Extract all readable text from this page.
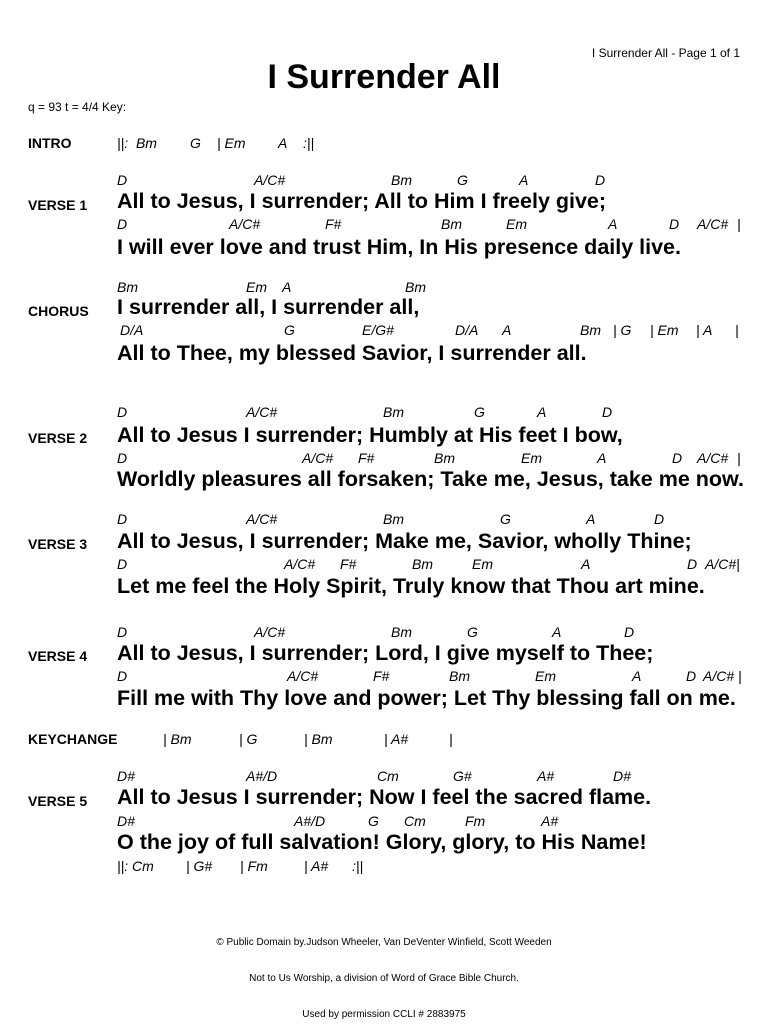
I Surrender All - Page 1 of 1
I Surrender All
q = 93 t = 4/4 Key:
INTRO	||:  Bm G | Em A :||
D	A/C#	Bm	G	A	D
VERSE 1 All to Jesus, I surrender; All to Him I freely give;
D	A/C#	F#	Bm	Em	A	D A/C# |
I will ever love and trust Him, In His presence daily live.
Bm	Em A	Bm
CHORUS I surrender all, I surrender all,
D/A	G	E/G#	D/A A	Bm | G | Em | A |
All to Thee, my blessed Savior, I surrender all.
D	A/C#	Bm	G	A	D
VERSE 2 All to Jesus I surrender; Humbly at His feet I bow,
D	A/C# F#	Bm	Em	A	D A/C# |
Worldly pleasures all forsaken; Take me, Jesus, take me now.
D	A/C#	Bm	G	A	D
VERSE 3 All to Jesus, I surrender; Make me, Savior, wholly Thine;
D	A/C# F#	Bm	Em	A	D A/C#|
Let me feel the Holy Spirit, Truly know that Thou art mine.
D	A/C#	Bm	G	A	D
VERSE 4 All to Jesus, I surrender; Lord, I give myself to Thee;
D	A/C#	F#	Bm	Em	A	D A/C# |
Fill me with Thy love and power; Let Thy blessing fall on me.
KEYCHANGE	| Bm	| G	| Bm	| A#	|
D#	A#/D	Cm	G#	A#	D#
VERSE 5 All to Jesus I surrender; Now I feel the sacred flame.
D#	A#/D	G Cm	Fm	A#
O the joy of full salvation! Glory, glory, to His Name!
||: Cm | G# | Fm	| A# :||

© Public Domain by.Judson Wheeler, Van DeVenter Winfield, Scott Weeden

Not to Us Worship, a division of Word of Grace Bible Church.

Used by permission CCLI # 2883975
